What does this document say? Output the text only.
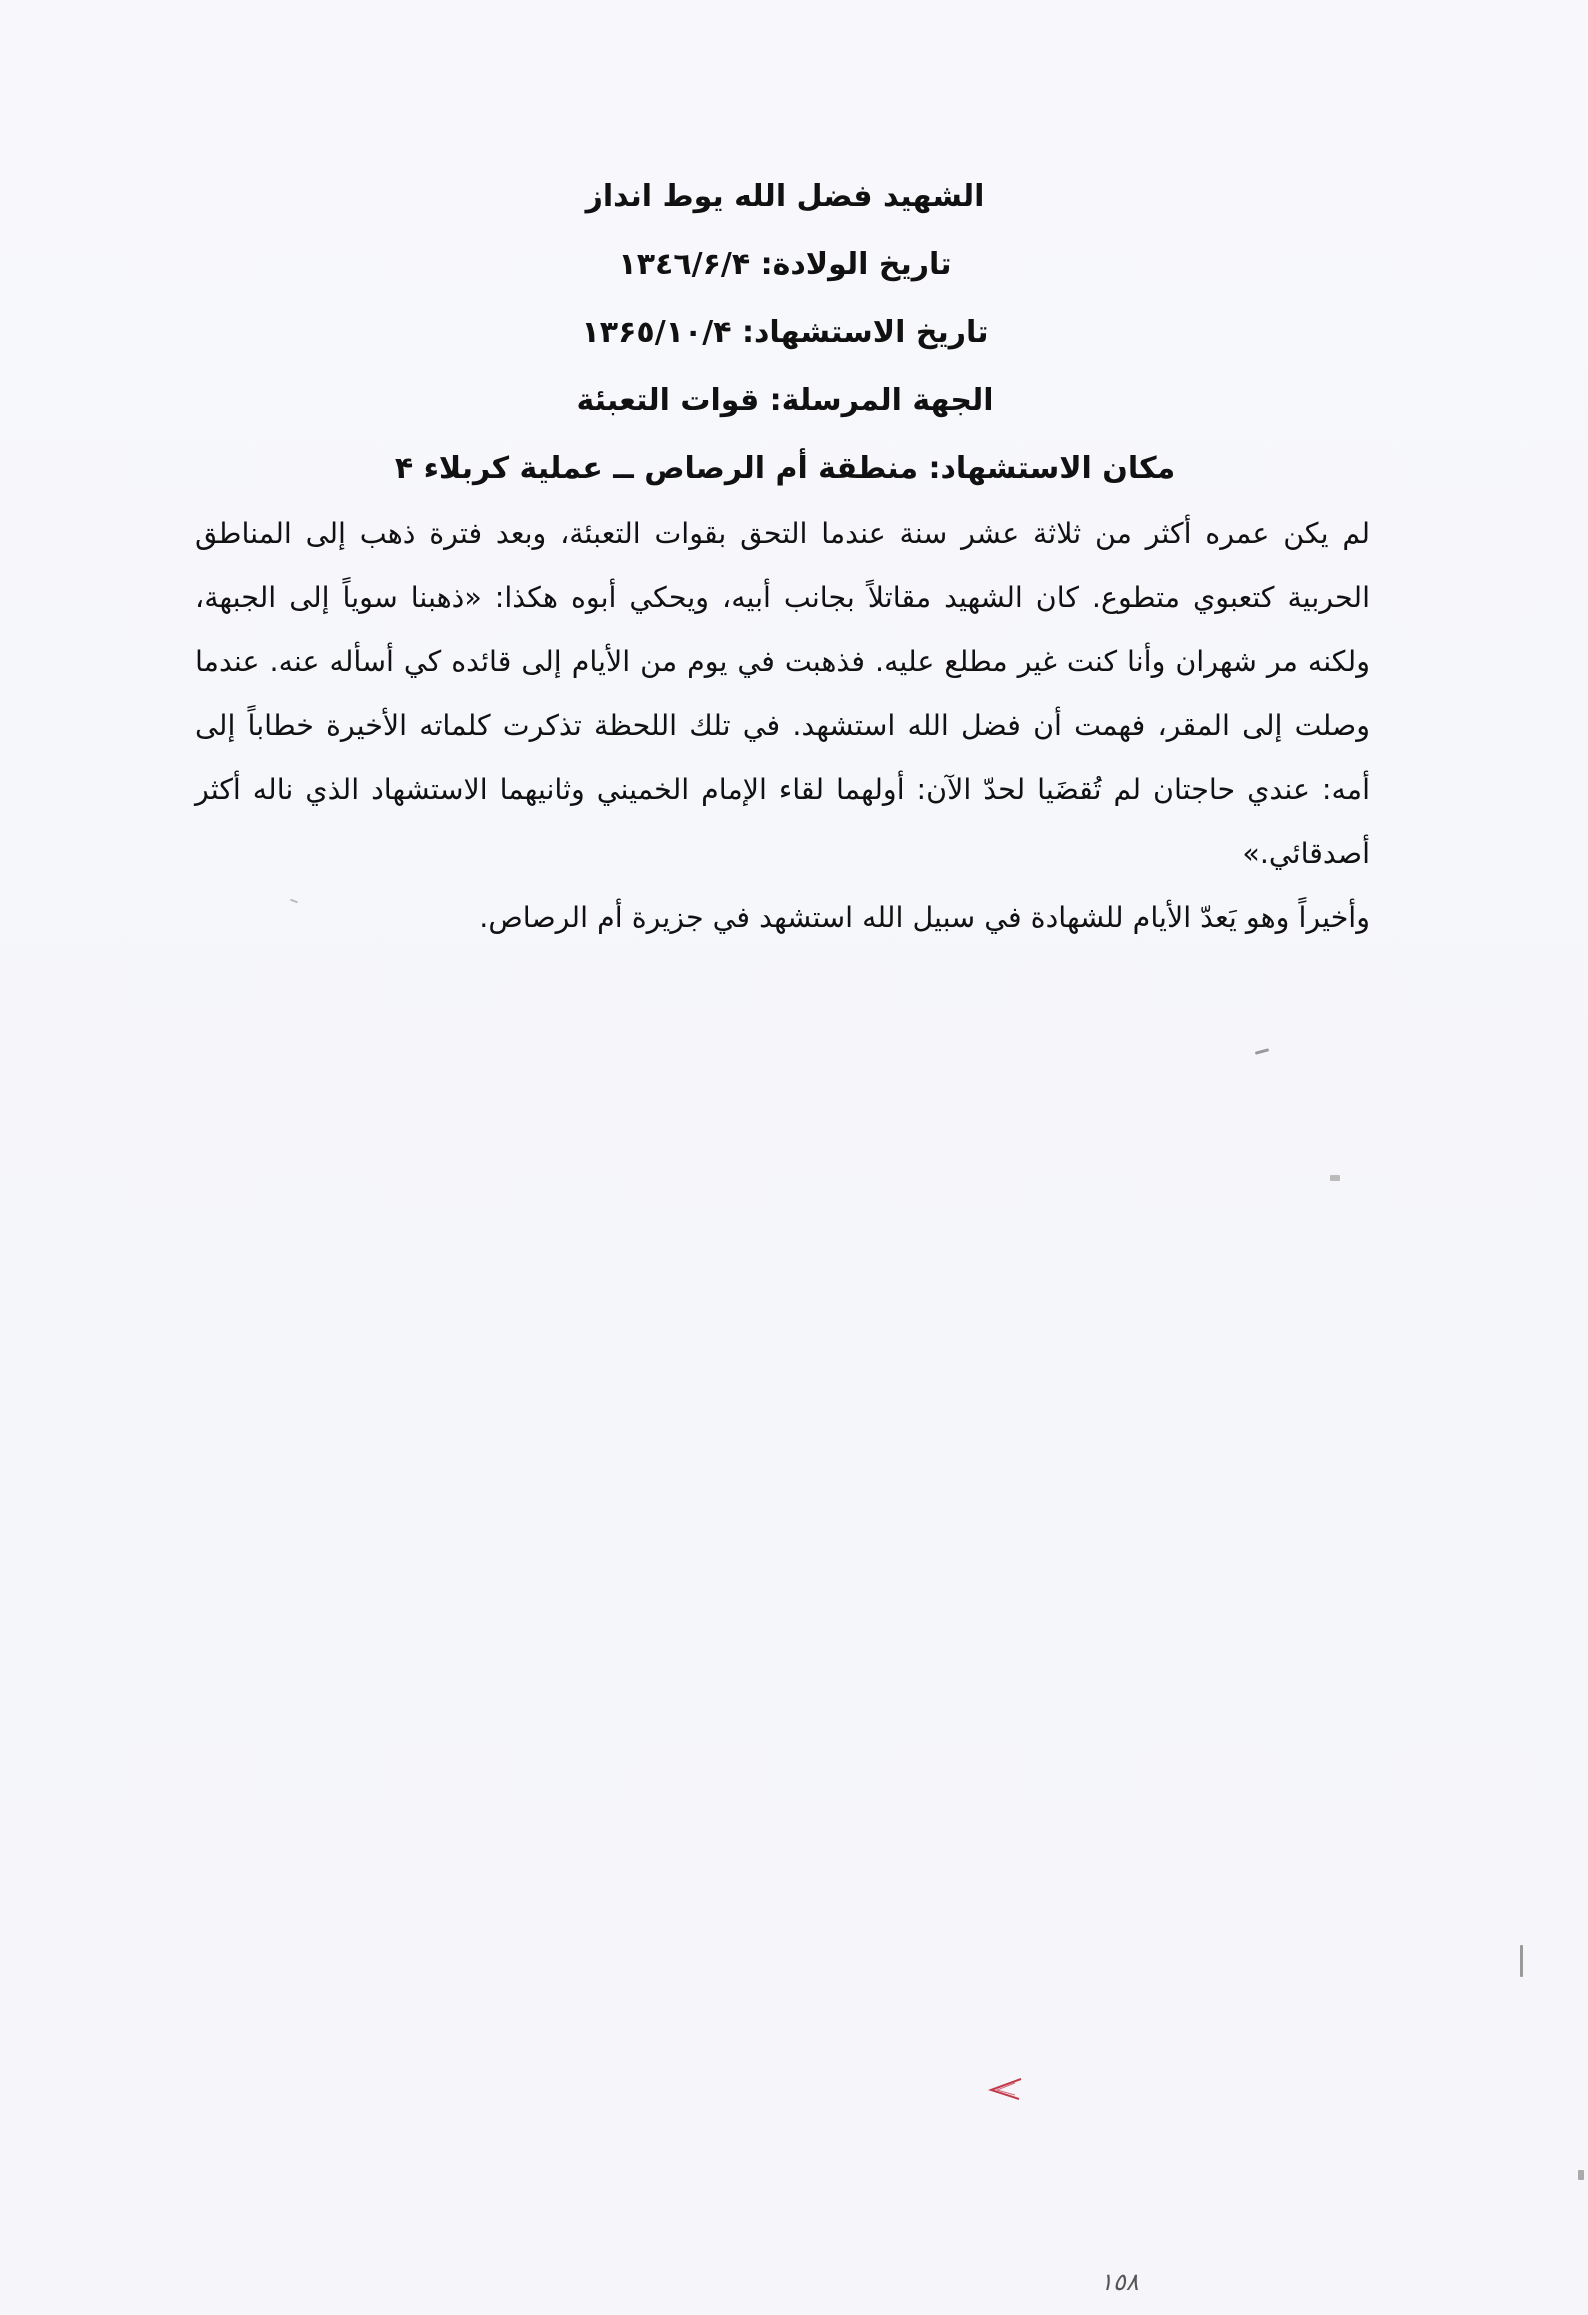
الشهيد فضل الله يوط انداز
تاريخ الولادة: ١٣٤٦/۶/۴
تاريخ الاستشهاد: ١٣۶٥/١٠/۴
الجهة المرسلة: قوات التعبئة
مكان الاستشهاد: منطقة أم الرصاص ــ عملية كربلاء ۴
لم يكن عمره أكثر من ثلاثة عشر سنة عندما التحق بقوات التعبئة، وبعد فترة ذهب إلى المناطق الحربية كتعبوي متطوع. كان الشهيد مقاتلاً بجانب أبيه، ويحكي أبوه هكذا: «ذهبنا سوياً إلى الجبهة، ولكنه مر شهران وأنا كنت غير مطلع عليه. فذهبت في يوم من الأيام إلى قائده كي أسأله عنه. عندما وصلت إلى المقر، فهمت أن فضل الله استشهد. في تلك اللحظة تذكرت كلماته الأخيرة خطاباً إلى أمه: عندي حاجتان لم تُقضَيا لحدّ الآن: أولهما لقاء الإمام الخميني وثانيهما الاستشهاد الذي ناله أكثر أصدقائي.»
وأخيراً وهو يَعدّ الأيام للشهادة في سبيل الله استشهد في جزيرة أم الرصاص.
١٥٨
